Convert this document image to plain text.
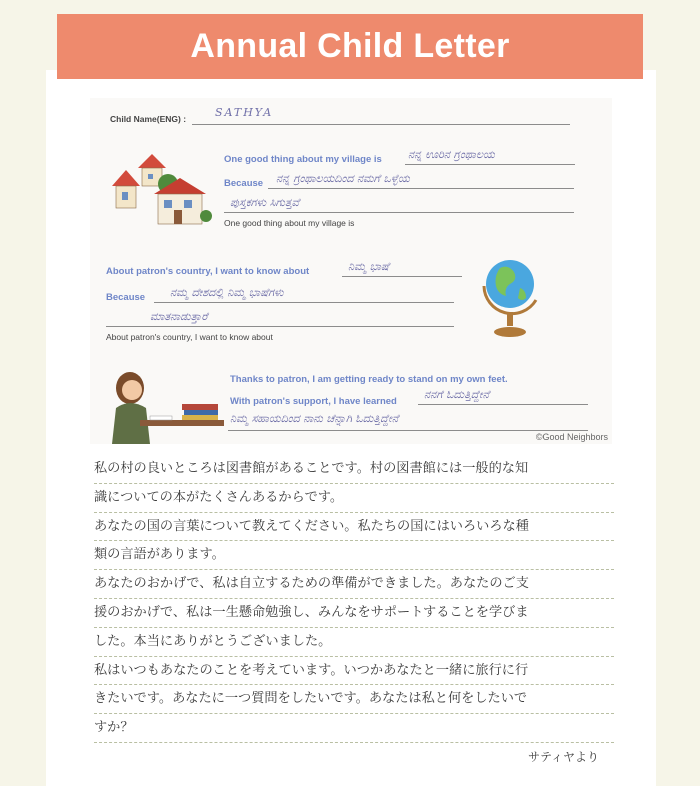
Annual Child Letter
Child Name(ENG) :	SATHYA
One good thing about my village is ನನ್ನ ಊರಿನ ಗ್ರಂಥಾಲಯ
Because ನನ್ನ ಗ್ರಂಥಾಲಯದಿಂದ ನಮಗೆ ಒಳ್ಳೆಯ
ಪುಸ್ತಕಗಳು ಸಿಗುತ್ತವೆ
One good thing about my village is
About patron's country, I want to know about	ನಿಮ್ಮ ಭಾಷೆ
Because ನಮ್ಮ ದೇಶದಲ್ಲಿ ನಿಮ್ಮ ಭಾಷೆಗಳು
ಮಾತನಾಡುತ್ತಾರೆ
About patron's country, I want to know about
Thanks to patron, I am getting ready to stand on my own feet.
With patron's support, I have learned
ನನಗೆ ಓದುತ್ತಿದ್ದೇನೆ
ನಿಮ್ಮ ಸಹಾಯದಿಂದ ನಾನು ಚೆನ್ನಾಗಿ ಓದುತ್ತಿದ್ದೇನೆ
©Good Neighbors
私の村の良いところは図書館があることです。村の図書館には一般的な知
識についての本がたくさんあるからです。
あなたの国の言葉について教えてください。私たちの国にはいろいろな種
類の言語があります。
あなたのおかげで、私は自立するための準備ができました。あなたのご支
援のおかげで、私は一生懸命勉強し、みんなをサポートすることを学びま
した。本当にありがとうございました。
私はいつもあなたのことを考えています。いつかあなたと一緒に旅行に行
きたいです。あなたに一つ質問をしたいです。あなたは私と何をしたいで
すか？
サティヤより
